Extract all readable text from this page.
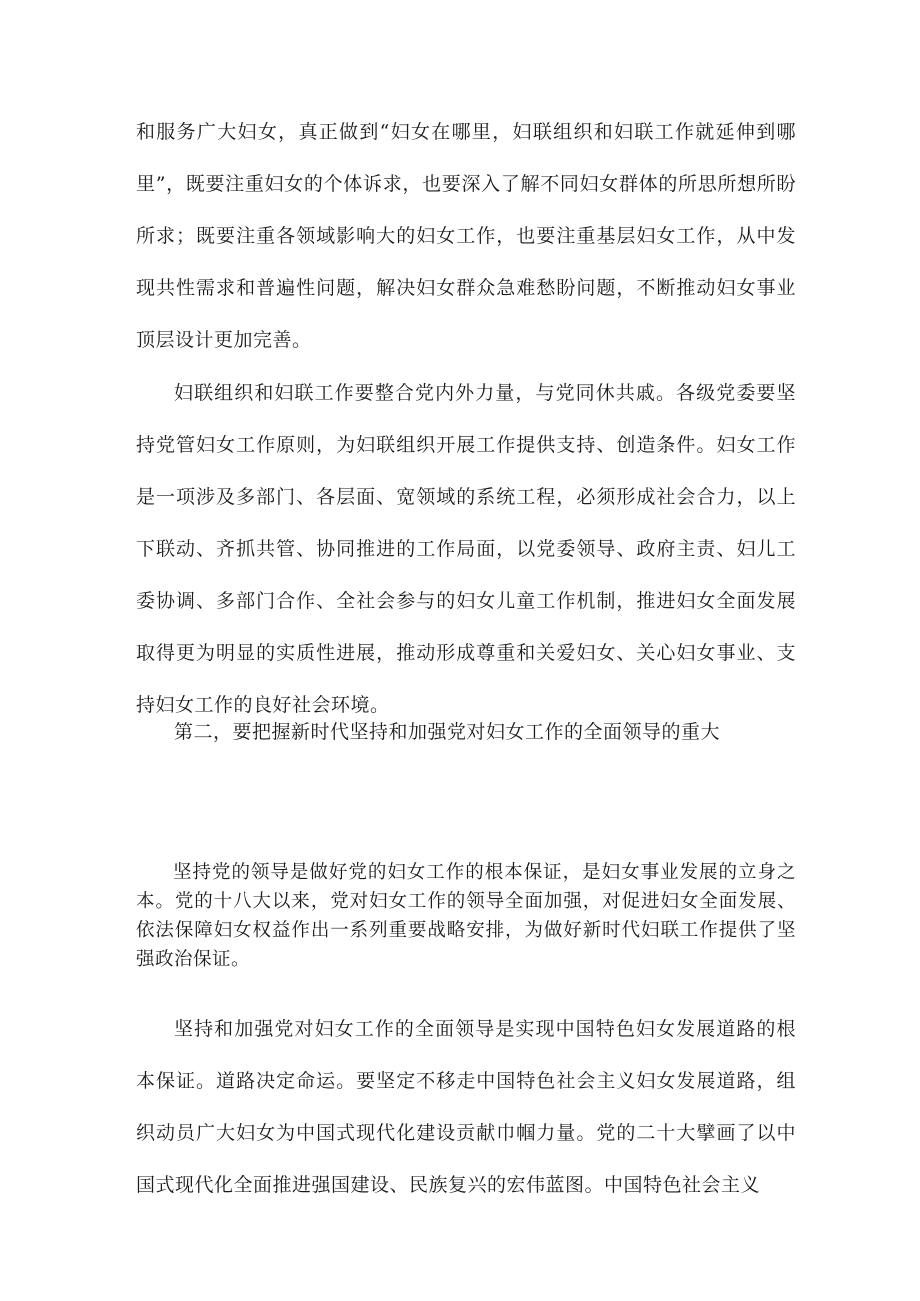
和服务广大妇女，真正做到“妇女在哪里，妇联组织和妇联工作就延伸到哪里”，既要注重妇女的个体诉求，也要深入了解不同妇女群体的所思所想所盼所求；既要注重各领域影响大的妇女工作，也要注重基层妇女工作，从中发现共性需求和普遍性问题，解决妇女群众急难愁盼问题，不断推动妇女事业顶层设计更加完善。

妇联组织和妇联工作要整合党内外力量，与党同休共戚。各级党委要坚持党管妇女工作原则，为妇联组织开展工作提供支持、创造条件。妇女工作是一项涉及多部门、各层面、宽领域的系统工程，必须形成社会合力，以上下联动、齐抓共管、协同推进的工作局面，以党委领导、政府主责、妇儿工委协调、多部门合作、全社会参与的妇女儿童工作机制，推进妇女全面发展取得更为明显的实质性进展，推动形成尊重和关爱妇女、关心妇女事业、支持妇女工作的良好社会环境。

第二，要把握新时代坚持和加强党对妇女工作的全面领导的重大

坚持党的领导是做好党的妇女工作的根本保证，是妇女事业发展的立身之本。党的十八大以来，党对妇女工作的领导全面加强，对促进妇女全面发展、依法保障妇女权益作出一系列重要战略安排，为做好新时代妇联工作提供了坚强政治保证。

坚持和加强党对妇女工作的全面领导是实现中国特色妇女发展道路的根本保证。道路决定命运。要坚定不移走中国特色社会主义妇女发展道路，组织动员广大妇女为中国式现代化建设贡献巾帼力量。党的二十大擘画了以中国式现代化全面推进强国建设、民族复兴的宏伟蓝图。中国特色社会主义
